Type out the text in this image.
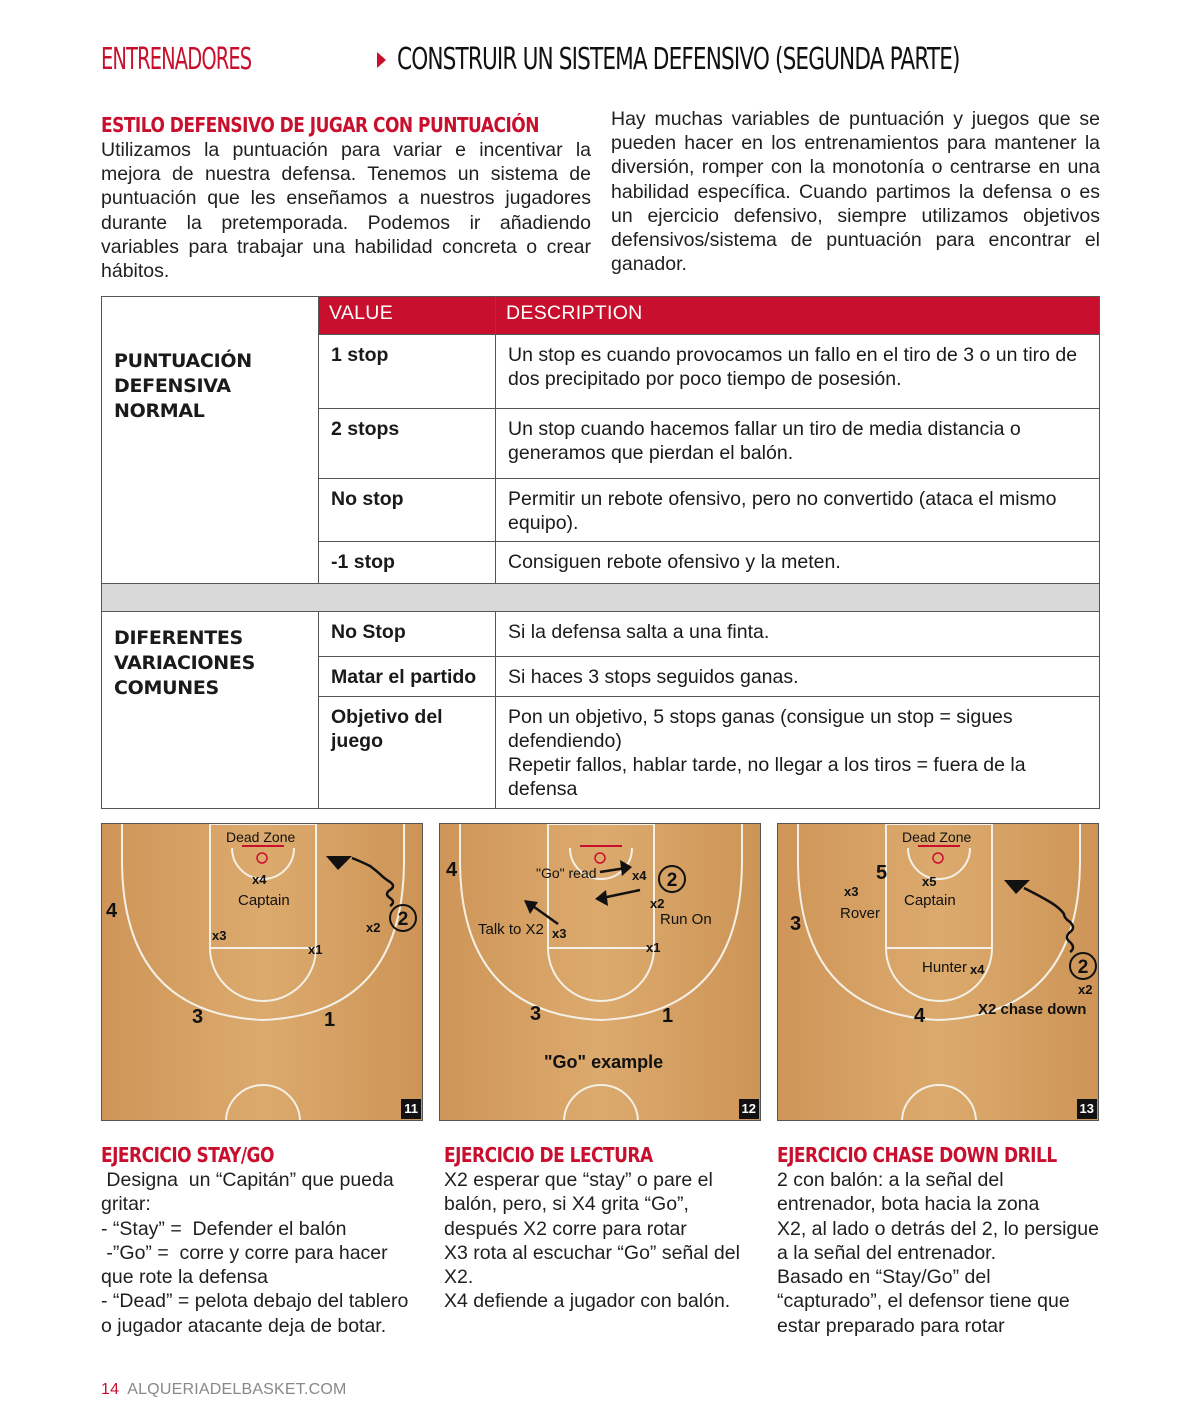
ENTRENADORES	CONSTRUIR UN SISTEMA DEFENSIVO (SEGUNDA PARTE)
ESTILO DEFENSIVO DE JUGAR CON PUNTUACIÓN
Utilizamos la puntuación para variar e incentivar la mejora de nuestra defensa. Tenemos un sistema de puntuación que les enseñamos a nuestros jugadores durante la pretemporada. Podemos ir añadiendo variables para trabajar una habilidad concreta o crear hábitos.
Hay muchas variables de puntuación y juegos que se pueden hacer en los entrenamientos para mantener la diversión, romper con la monotonía o centrarse en una habilidad específica. Cuando partimos la defensa o es un ejercicio defensivo, siempre utilizamos objetivos defensivos/sistema de puntuación para encontrar el ganador.
PUNTUACIÓN DEFENSIVA NORMAL	VALUE	DESCRIPTION
	1 stop	Un stop es cuando provocamos un fallo en el tiro de 3 o un tiro de dos precipitado por poco tiempo de posesión.
	2 stops	Un stop cuando hacemos fallar un tiro de media distancia o generamos que pierdan el balón.
	No stop	Permitir un rebote ofensivo, pero no convertido (ataca el mismo equipo).
	-1 stop	Consiguen rebote ofensivo y la meten.

DIFERENTES VARIACIONES COMUNES	No Stop	Si la defensa salta a una finta.
	Matar el partido	Si haces 3 stops seguidos ganas.
	Objetivo del juego	Pon un objetivo, 5 stops ganas (consigue un stop = sigues defendiendo)
Repetir fallos, hablar tarde, no llegar a los tiros = fuera de la defensa
Dead Zone
x4
Captain
4
x3
x1
x2
3	1
2
11
"Go" read	x4
4
x2
Run On
Talk to X2 x3
x1
3	1
"Go" example
2
12
Dead Zone
5
x3
x5
Rover
Captain
3
Hunter x4
x2
X2 chase down
4
2
13
EJERCICIO STAY/GO
Designa  un “Capitán” que pueda gritar:
- “Stay” =  Defender el balón
-”Go” =  corre y corre para hacer que rote la defensa
- “Dead” = pelota debajo del tablero o jugador atacante deja de botar.
EJERCICIO DE LECTURA
X2 esperar que “stay” o pare el balón, pero, si X4 grita “Go”, después X2 corre para rotar
X3 rota al escuchar “Go” señal del X2.
X4 defiende a jugador con balón.
EJERCICIO CHASE DOWN DRILL
2 con balón: a la señal del entrenador, bota hacia la zona
X2, al lado o detrás del 2, lo persigue a la señal del entrenador.
Basado en “Stay/Go” del “capturado”, el defensor tiene que estar preparado para rotar
14 ALQUERIADELBASKET.COM
